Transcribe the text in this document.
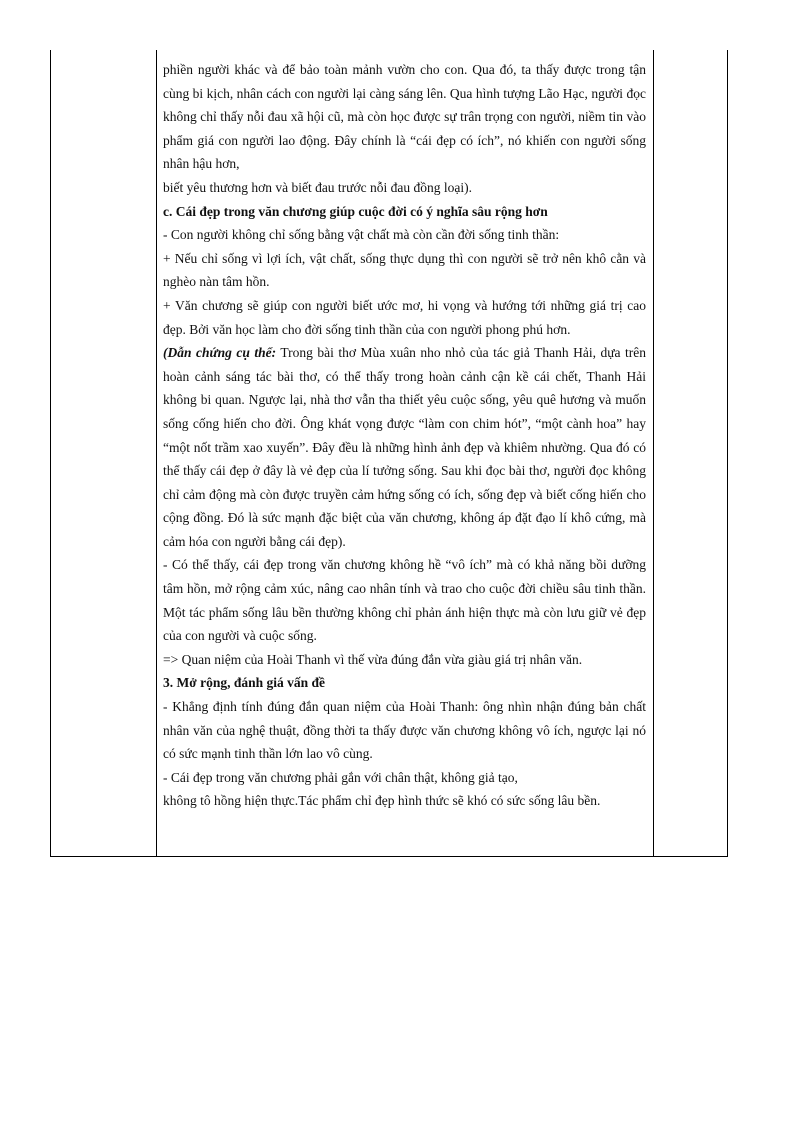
phiền người khác và để bảo toàn mảnh vườn cho con. Qua đó, ta thấy được trong tận cùng bi kịch, nhân cách con người lại càng sáng lên. Qua hình tượng Lão Hạc, người đọc không chỉ thấy nỗi đau xã hội cũ, mà còn học được sự trân trọng con người, niềm tin vào phẩm giá con người lao động. Đây chính là “cái đẹp có ích”, nó khiến con người sống nhân hậu hơn,

biết yêu thương hơn và biết đau trước nỗi đau đồng loại).

c. Cái đẹp trong văn chương giúp cuộc đời có ý nghĩa sâu rộng hơn

- Con người không chỉ sống bằng vật chất mà còn cần đời sống tinh thần:

+ Nếu chỉ sống vì lợi ích, vật chất, sống thực dụng thì con người sẽ trở nên khô cằn và nghèo nàn tâm hồn.

+ Văn chương sẽ giúp con người biết ước mơ, hi vọng và hướng tới những giá trị cao đẹp. Bởi văn học làm cho đời sống tinh thần của con người phong phú hơn.

(Dẫn chứng cụ thể: Trong bài thơ Mùa xuân nho nhỏ của tác giả Thanh Hải, dựa trên hoàn cảnh sáng tác bài thơ, có thể thấy trong hoàn cảnh cận kề cái chết, Thanh Hải không bi quan. Ngược lại, nhà thơ vẫn tha thiết yêu cuộc sống, yêu quê hương và muốn sống cống hiến cho đời. Ông khát vọng được “làm con chim hót”, “một cành hoa” hay “một nốt trầm xao xuyến”. Đây đều là những hình ảnh đẹp và khiêm nhường. Qua đó có thể thấy cái đẹp ở đây là vẻ đẹp của lí tưởng sống. Sau khi đọc bài thơ, người đọc không chỉ cảm động mà còn được truyền cảm hứng sống có ích, sống đẹp và biết cống hiến cho cộng đồng. Đó là sức mạnh đặc biệt của văn chương, không áp đặt đạo lí khô cứng, mà cảm hóa con người bằng cái đẹp).

- Có thể thấy, cái đẹp trong văn chương không hề “vô ích” mà có khả năng bồi dưỡng tâm hồn, mở rộng cảm xúc, nâng cao nhân tính và trao cho cuộc đời chiều sâu tinh thần. Một tác phẩm sống lâu bền thường không chỉ phản ánh hiện thực mà còn lưu giữ vẻ đẹp của con người và cuộc sống.

=> Quan niệm của Hoài Thanh vì thế vừa đúng đắn vừa giàu giá trị nhân văn.

3. Mở rộng, đánh giá vấn đề

- Khẳng định tính đúng đắn quan niệm của Hoài Thanh: ông nhìn nhận đúng bản chất nhân văn của nghệ thuật, đồng thời ta thấy được văn chương không vô ích, ngược lại nó có sức mạnh tinh thần lớn lao vô cùng.

- Cái đẹp trong văn chương phải gắn với chân thật, không giả tạo,

không tô hồng hiện thực.Tác phẩm chỉ đẹp hình thức sẽ khó có sức sống lâu bền.
